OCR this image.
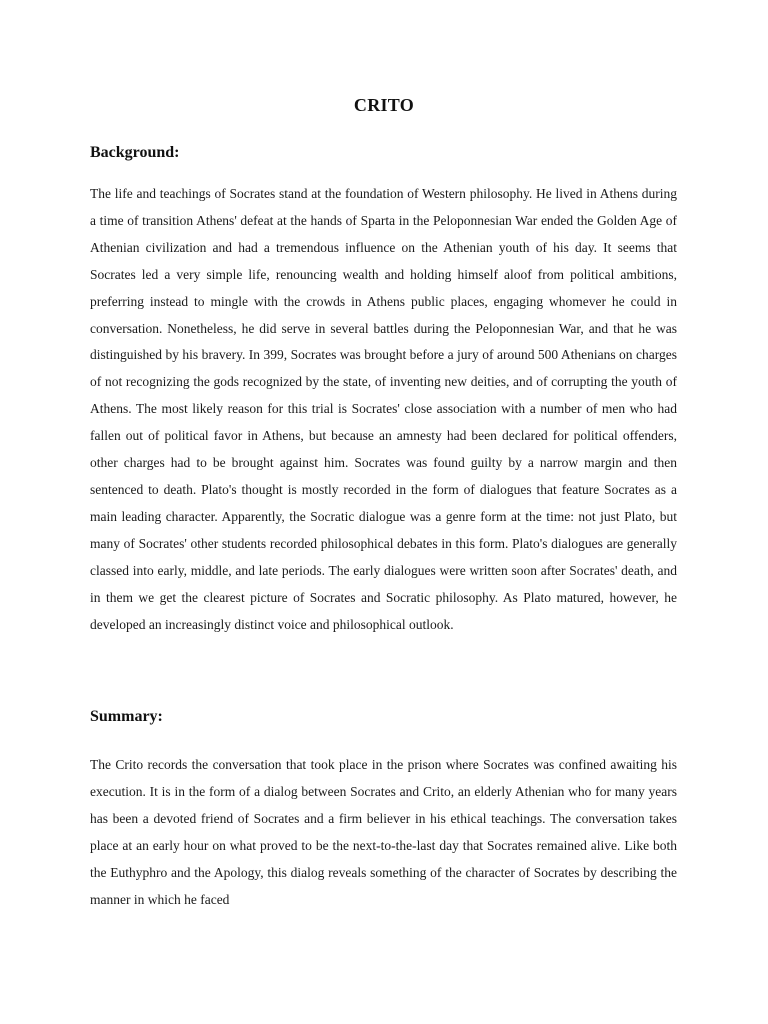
CRITO
Background:

The life and teachings of Socrates stand at the foundation of Western philosophy. He lived in Athens during a time of transition Athens' defeat at the hands of Sparta in the Peloponnesian War ended the Golden Age of Athenian civilization and had a tremendous influence on the Athenian youth of his day. It seems that Socrates led a very simple life, renouncing wealth and holding himself aloof from political ambitions, preferring instead to mingle with the crowds in Athens public places, engaging whomever he could in conversation. Nonetheless, he did serve in several battles during the Peloponnesian War, and that he was distinguished by his bravery. In 399, Socrates was brought before a jury of around 500 Athenians on charges of not recognizing the gods recognized by the state, of inventing new deities, and of corrupting the youth of Athens. The most likely reason for this trial is Socrates' close association with a number of men who had fallen out of political favor in Athens, but because an amnesty had been declared for political offenders, other charges had to be brought against him. Socrates was found guilty by a narrow margin and then sentenced to death. Plato's thought is mostly recorded in the form of dialogues that feature Socrates as a main leading character. Apparently, the Socratic dialogue was a genre form at the time: not just Plato, but many of Socrates' other students recorded philosophical debates in this form. Plato's dialogues are generally classed into early, middle, and late periods. The early dialogues were written soon after Socrates' death, and in them we get the clearest picture of Socrates and Socratic philosophy. As Plato matured, however, he developed an increasingly distinct voice and philosophical outlook.

Summary:

The Crito records the conversation that took place in the prison where Socrates was confined awaiting his execution. It is in the form of a dialog between Socrates and Crito, an elderly Athenian who for many years has been a devoted friend of Socrates and a firm believer in his ethical teachings. The conversation takes place at an early hour on what proved to be the next-to-the-last day that Socrates remained alive. Like both the Euthyphro and the Apology, this dialog reveals something of the character of Socrates by describing the manner in which he faced
